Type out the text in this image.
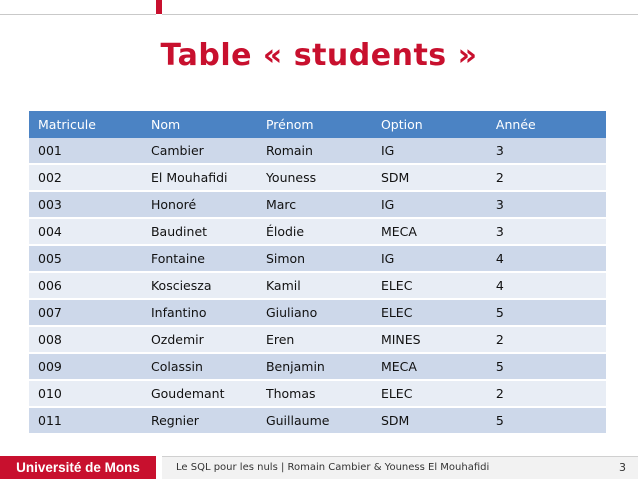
Table « students »
Matricule	Nom	Prénom	Option	Année
001	Cambier	Romain	IG	3
002	El Mouhafidi	Youness	SDM	2
003	Honoré	Marc	IG	3
004	Baudinet	Élodie	MECA	3
005	Fontaine	Simon	IG	4
006	Kosciesza	Kamil	ELEC	4
007	Infantino	Giuliano	ELEC	5
008	Ozdemir	Eren	MINES	2
009	Colassin	Benjamin	MECA	5
010	Goudemant	Thomas	ELEC	2
011	Regnier	Guillaume	SDM	5
Université de Mons	Le SQL pour les nuls | Romain Cambier & Youness El Mouhafidi	3
